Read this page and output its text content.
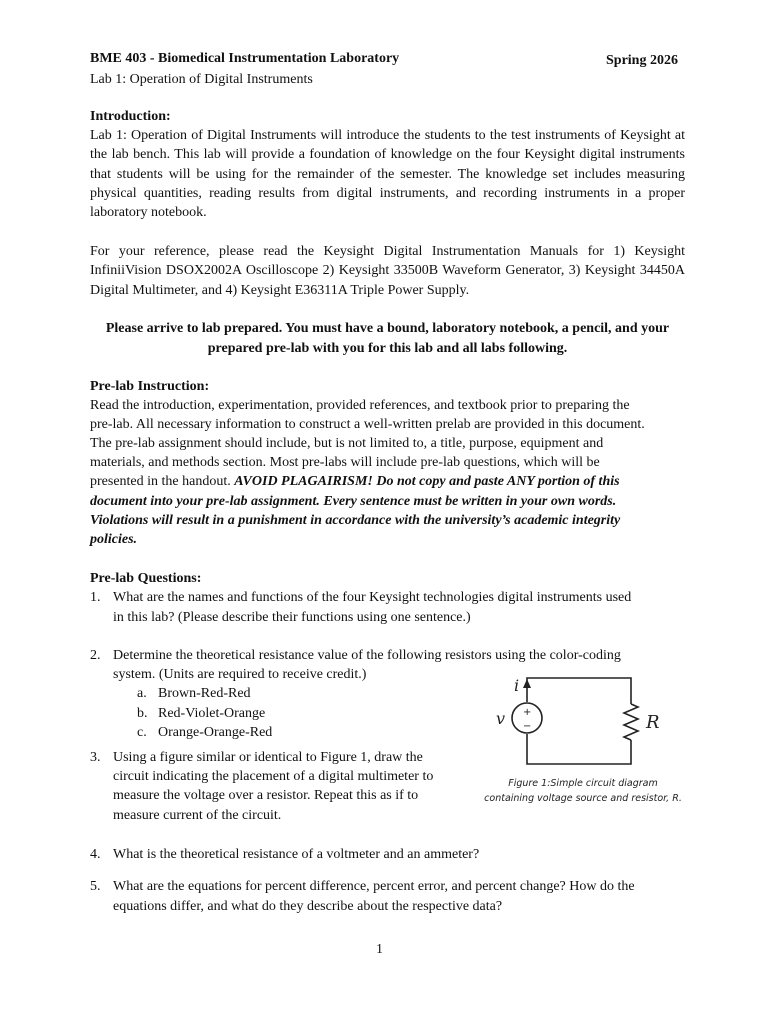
BME 403 - Biomedical Instrumentation Laboratory	Spring 2026
Lab 1: Operation of Digital Instruments
Introduction:
Lab 1: Operation of Digital Instruments will introduce the students to the test instruments of Keysight at the lab bench. This lab will provide a foundation of knowledge on the four Keysight digital instruments that students will be using for the remainder of the semester. The knowledge set includes measuring physical quantities, reading results from digital instruments, and recording instruments in a proper laboratory notebook.
For your reference, please read the Keysight Digital Instrumentation Manuals for 1) Keysight InfiniiVision DSOX2002A Oscilloscope 2) Keysight 33500B Waveform Generator, 3) Keysight 34450A Digital Multimeter, and 4) Keysight E36311A Triple Power Supply.
Please arrive to lab prepared. You must have a bound, laboratory notebook, a pencil, and your prepared pre-lab with you for this lab and all labs following.
Pre-lab Instruction:
Read the introduction, experimentation, provided references, and textbook prior to preparing the
pre-lab. All necessary information to construct a well-written prelab are provided in this document.
The pre-lab assignment should include, but is not limited to, a title, purpose, equipment and
materials, and methods section. Most pre-labs will include pre-lab questions, which will be
presented in the handout. AVOID PLAGAIRISM! Do not copy and paste ANY portion of this
document into your pre-lab assignment. Every sentence must be written in your own words.
Violations will result in a punishment in accordance with the university’s academic integrity
policies.
Pre-lab Questions:
1. What are the names and functions of the four Keysight technologies digital instruments used
in this lab? (Please describe their functions using one sentence.)
2. Determine the theoretical resistance value of the following resistors using the color-coding
system. (Units are required to receive credit.)
a. Brown-Red-Red
b. Red-Violet-Orange
c. Orange-Orange-Red
3. Using a figure similar or identical to Figure 1, draw the
circuit indicating the placement of a digital multimeter to
measure the voltage over a resistor. Repeat this as if to
measure current of the circuit.
4. What is the theoretical resistance of a voltmeter and an ammeter?
5. What are the equations for percent difference, percent error, and percent change? How do the
equations differ, and what do they describe about the respective data?
i
v +
−	R
Figure 1:Simple circuit diagram
containing voltage source and resistor, R.
1
